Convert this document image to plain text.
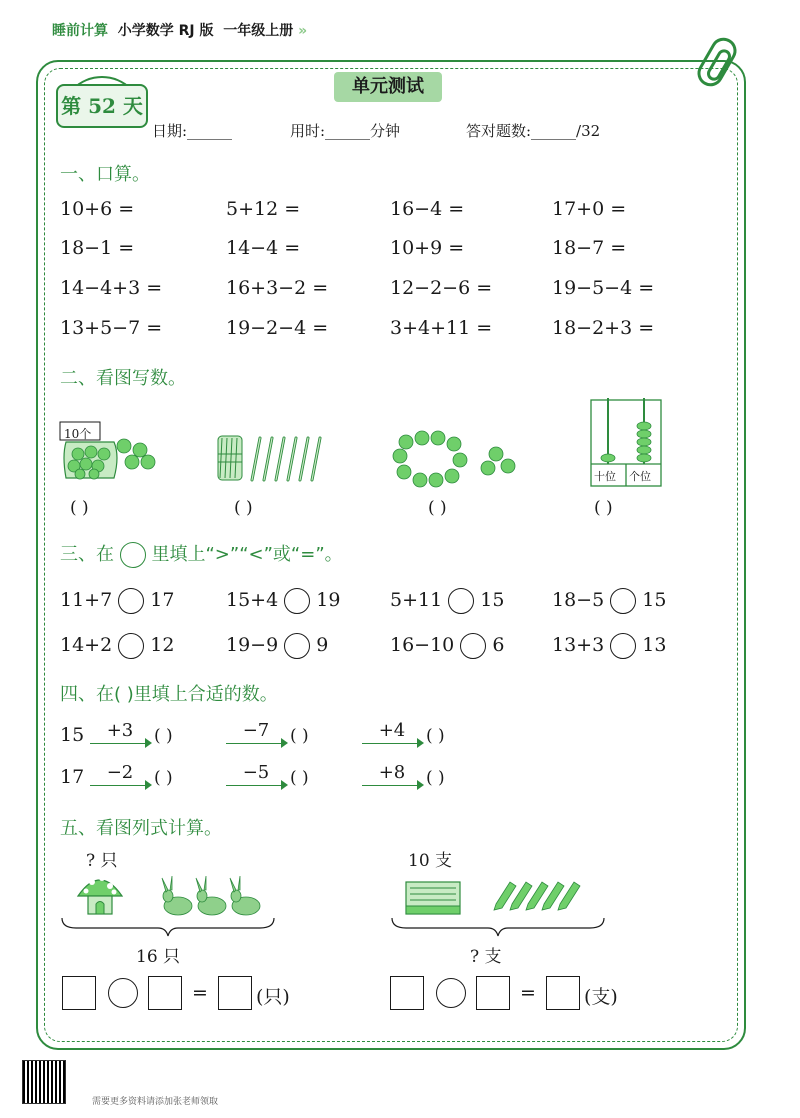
睡前计算 小学数学 RJ 版 一年级上册 »
单元测试
第 52 天
日期:______	用时:______分钟	答对题数:______/32
一、口算。
10+6 =	5+12 =	16−4 =	17+0 =
18−1 =	14−4 =	10+9 =	18−7 =
14−4+3 =	16+3−2 =	12−2−6 =	19−5−4 =
13+5−7 =	19−2−4 =	3+4+11 =	18−2+3 =
二、看图写数。
10个
十位 个位
( )	( )	( )	( )
三、在 里填上“>”“<”或“=”。
11+7 17	15+4 19	5+11 15	18−5 15
14+2 12	19−9 9	16−10 6	13+3 13
四、在( )里填上合适的数。
15	+3	( )	−7	( )	+4	( )
17	−2	( )	−5	( )	+8	( )
五、看图列式计算。
? 只
16 只
=	(只)
10 支
? 支
=	(支)
需要更多资料请添加张老师领取
